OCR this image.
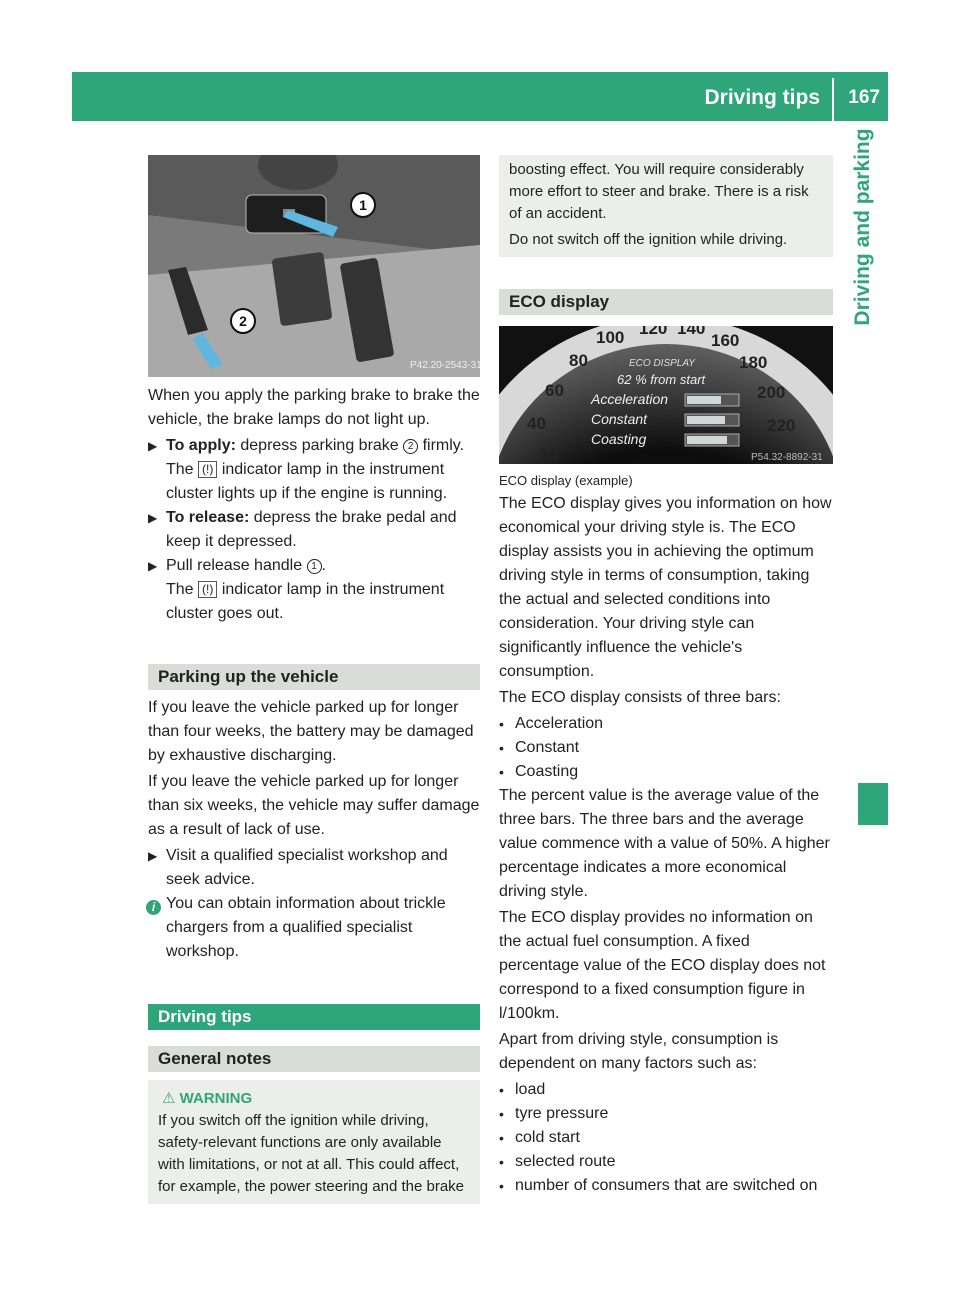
Driving tips 167
Driving and parking
1
2
P42.20-2543-31

When you apply the parking brake to brake the vehicle, the brake lamps do not light up.

▶ To apply: depress parking brake 2 firmly.
The (!) indicator lamp in the instrument cluster lights up if the engine is running.
▶ To release: depress the brake pedal and keep it depressed.
▶ Pull release handle 1 .
The (!) indicator lamp in the instrument cluster goes out.
Parking up the vehicle

If you leave the vehicle parked up for longer than four weeks, the battery may be damaged by exhaustive discharging.

If you leave the vehicle parked up for longer than six weeks, the vehicle may suffer damage as a result of lack of use.

▶ Visit a qualified specialist workshop and seek advice.
i You can obtain information about trickle chargers from a qualified specialist workshop.
Driving tips
General notes
⚠ WARNING
If you switch off the ignition while driving, safety-relevant functions are only available with limitations, or not at all. This could affect, for example, the power steering and the brake

boosting effect. You will require considerably more effort to steer and brake. There is a risk of an accident.

Do not switch off the ignition while driving.

ECO display
20
40
60
80
100 120 140
160
180
200
220
ECO DISPLAY
62 % from start
Acceleration
Constant
Coasting
P54.32-8892-31

ECO display (example)

The ECO display gives you information on how economical your driving style is. The ECO display assists you in achieving the optimum driving style in terms of consumption, taking the actual and selected conditions into consideration. Your driving style can significantly influence the vehicle's consumption.

The ECO display consists of three bars:

• Acceleration
• Constant
• Coasting

The percent value is the average value of the three bars. The three bars and the average value commence with a value of 50%. A higher percentage indicates a more economical driving style.

The ECO display provides no information on the actual fuel consumption. A fixed percentage value of the ECO display does not correspond to a fixed consumption figure in l/100km.

Apart from driving style, consumption is dependent on many factors such as:

• load
• tyre pressure
• cold start
• selected route
• number of consumers that are switched on
